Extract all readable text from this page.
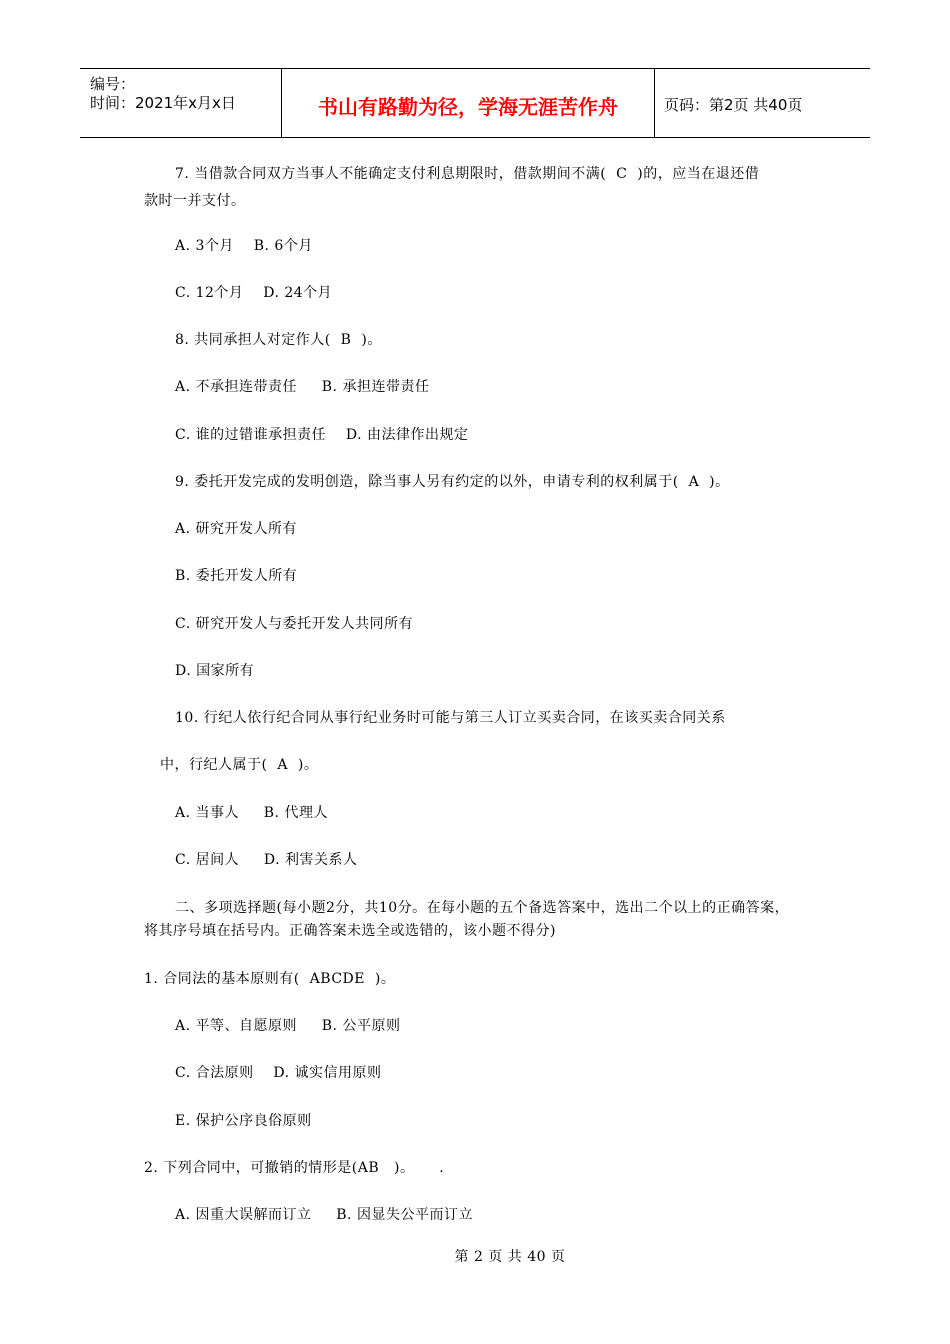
编号：
时间：2021年x月x日	书山有路勤为径，学海无涯苦作舟	页码：第2页 共40页
7. 当借款合同双方当事人不能确定支付利息期限时，借款期间不满(  C  )的，应当在退还借
款时一并支付。
A. 3个月    B. 6个月
C. 12个月    D. 24个月
8. 共同承担人对定作人(  B  )。
A. 不承担连带责任     B. 承担连带责任
C. 谁的过错谁承担责任    D. 由法律作出规定
9. 委托开发完成的发明创造，除当事人另有约定的以外，申请专利的权利属于(  A  )。
A. 研究开发人所有
B. 委托开发人所有
C. 研究开发人与委托开发人共同所有
D. 国家所有
10. 行纪人依行纪合同从事行纪业务时可能与第三人订立买卖合同，在该买卖合同关系
中，行纪人属于(  A  )。
A. 当事人     B. 代理人
C. 居间人     D. 利害关系人
二、多项选择题(每小题2分，共10分。在每小题的五个备选答案中，选出二个以上的正确答案，
将其序号填在括号内。正确答案未选全或选错的，该小题不得分)
1. 合同法的基本原则有(  ABCDE  )。
A. 平等、自愿原则     B. 公平原则
C. 合法原则    D. 诚实信用原则
E. 保护公序良俗原则
2. 下列合同中，可撤销的情形是(AB   )。     .
A. 因重大误解而订立     B. 因显失公平而订立
第 2 页 共 40 页
